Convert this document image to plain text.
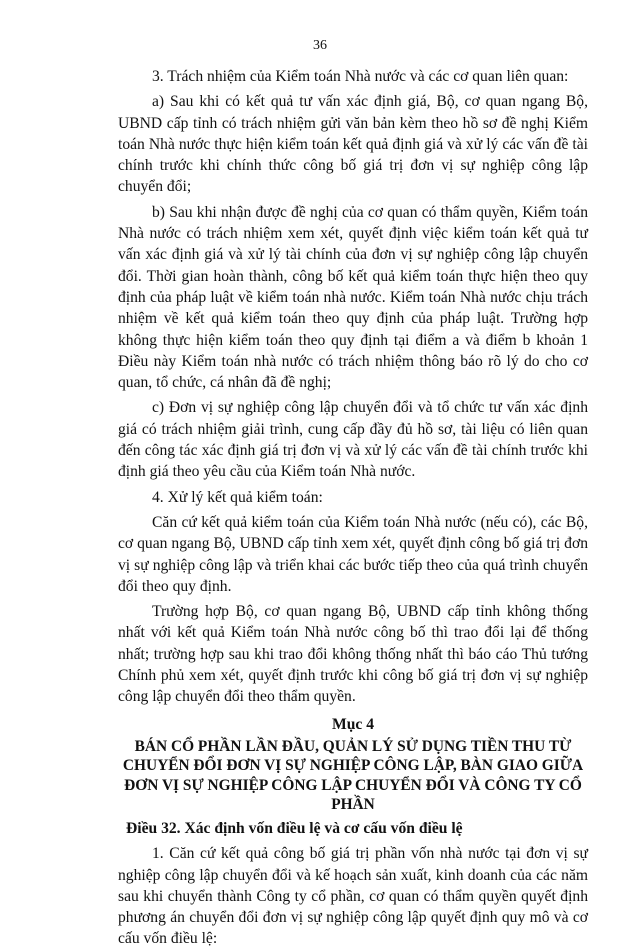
36

3. Trách nhiệm của Kiểm toán Nhà nước và các cơ quan liên quan:

a) Sau khi có kết quả tư vấn xác định giá, Bộ, cơ quan ngang Bộ, UBND cấp tỉnh có trách nhiệm gửi văn bản kèm theo hồ sơ đề nghị Kiểm toán Nhà nước thực hiện kiểm toán kết quả định giá và xử lý các vấn đề tài chính trước khi chính thức công bố giá trị đơn vị sự nghiệp công lập chuyển đổi;

b) Sau khi nhận được đề nghị của cơ quan có thẩm quyền, Kiểm toán Nhà nước có trách nhiệm xem xét, quyết định việc kiểm toán kết quả tư vấn xác định giá và xử lý tài chính của đơn vị sự nghiệp công lập chuyển đổi. Thời gian hoàn thành, công bố kết quả kiểm toán thực hiện theo quy định của pháp luật về kiểm toán nhà nước. Kiểm toán Nhà nước chịu trách nhiệm về kết quả kiểm toán theo quy định của pháp luật. Trường hợp không thực hiện kiểm toán theo quy định tại điểm a và điểm b khoản 1 Điều này Kiểm toán nhà nước có trách nhiệm thông báo rõ lý do cho cơ quan, tổ chức, cá nhân đã đề nghị;

c) Đơn vị sự nghiệp công lập chuyển đổi và tổ chức tư vấn xác định giá có trách nhiệm giải trình, cung cấp đầy đủ hồ sơ, tài liệu có liên quan đến công tác xác định giá trị đơn vị và xử lý các vấn đề tài chính trước khi định giá theo yêu cầu của Kiểm toán Nhà nước.

4. Xử lý kết quả kiểm toán:

Căn cứ kết quả kiểm toán của Kiểm toán Nhà nước (nếu có), các Bộ, cơ quan ngang Bộ, UBND cấp tỉnh xem xét, quyết định công bố giá trị đơn vị sự nghiệp công lập và triển khai các bước tiếp theo của quá trình chuyển đổi theo quy định.

Trường hợp Bộ, cơ quan ngang Bộ, UBND cấp tỉnh không thống nhất với kết quả Kiểm toán Nhà nước công bố thì trao đổi lại để thống nhất; trường hợp sau khi trao đổi không thống nhất thì báo cáo Thủ tướng Chính phủ xem xét, quyết định trước khi công bố giá trị đơn vị sự nghiệp công lập chuyển đổi theo thẩm quyền.

Mục 4

BÁN CỔ PHẦN LẦN ĐẦU, QUẢN LÝ SỬ DỤNG TIỀN THU TỪ CHUYỂN ĐỔI ĐƠN VỊ SỰ NGHIỆP CÔNG LẬP, BÀN GIAO GIỮA ĐƠN VỊ SỰ NGHIỆP CÔNG LẬP CHUYỂN ĐỔI VÀ CÔNG TY CỔ PHẦN

Điều 32. Xác định vốn điều lệ và cơ cấu vốn điều lệ

1. Căn cứ kết quả công bố giá trị phần vốn nhà nước tại đơn vị sự nghiệp công lập chuyển đổi và kế hoạch sản xuất, kinh doanh của các năm sau khi chuyển thành Công ty cổ phần, cơ quan có thẩm quyền quyết định phương án chuyển đổi đơn vị sự nghiệp công lập quyết định quy mô và cơ cấu vốn điều lệ:
